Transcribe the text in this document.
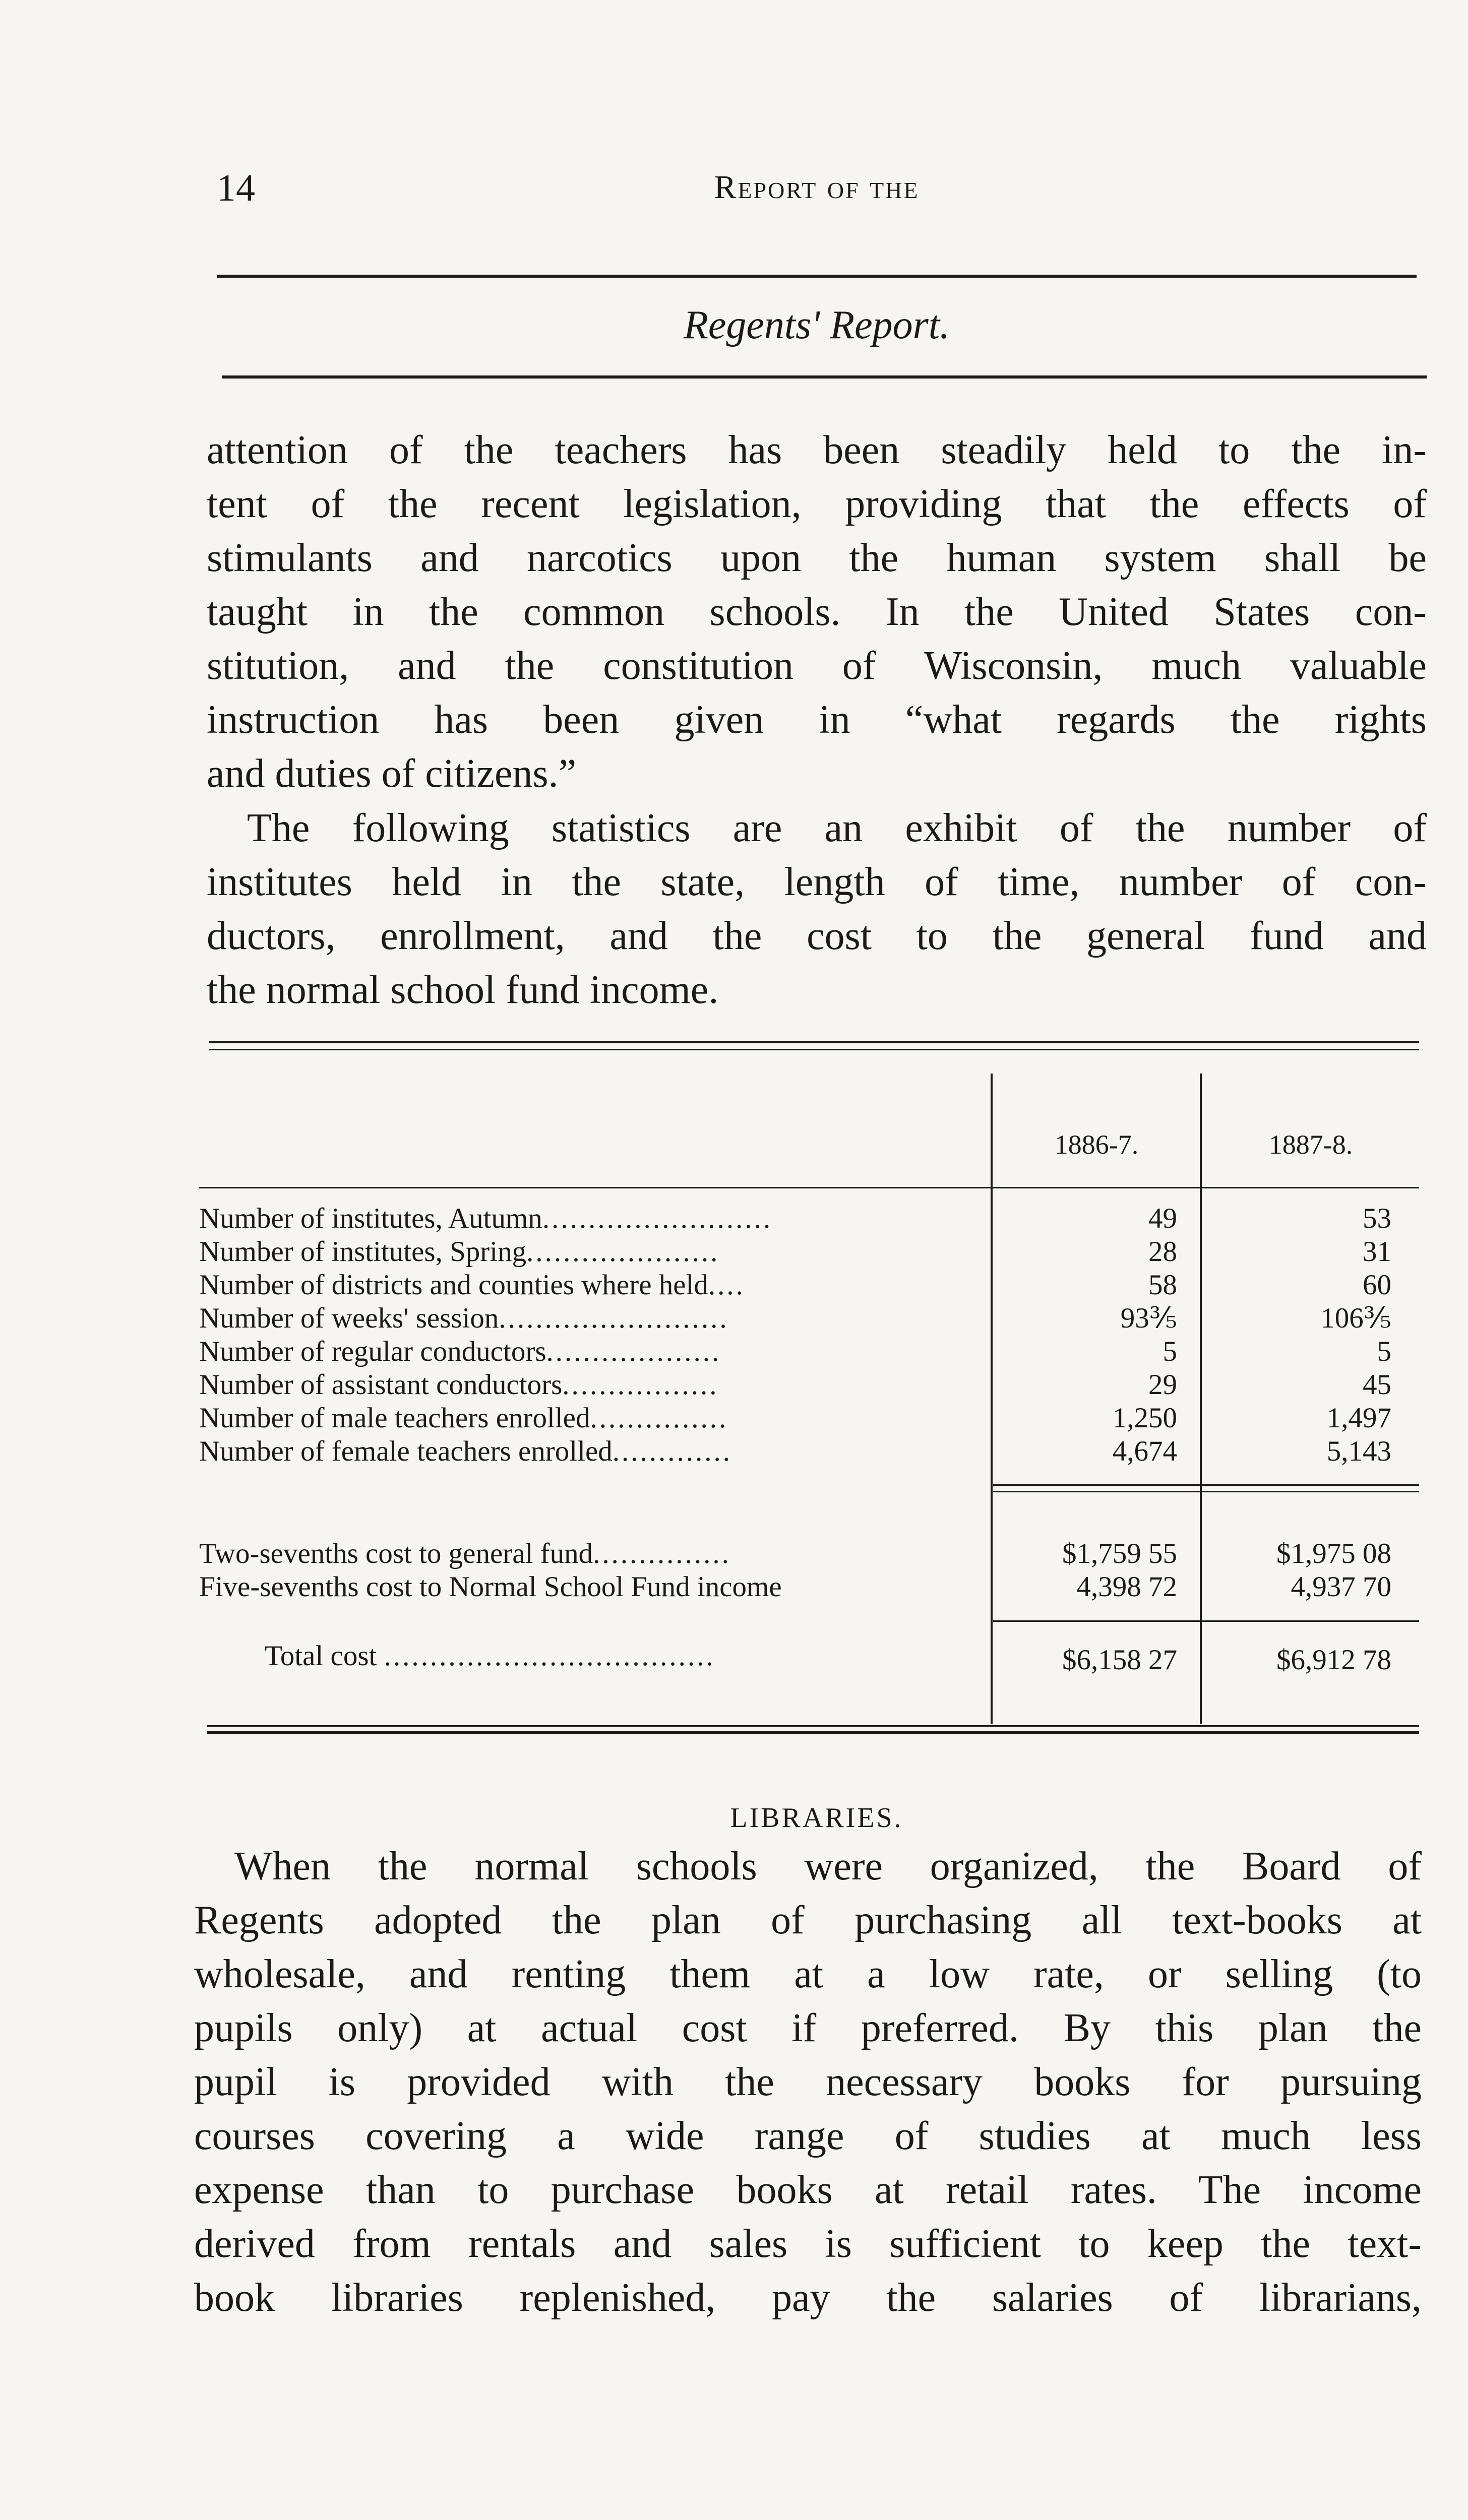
14	Report of the
Regents' Report.
attention of the teachers has been steadily held to the in-
tent of the recent legislation, providing that the effects of
stimulants and narcotics upon the human system shall be
taught in the common schools. In the United States con-
stitution, and the constitution of Wisconsin, much valuable
instruction has been given in “what regards the rights
and duties of citizens.”
The following statistics are an exhibit of the number of
institutes held in the state, length of time, number of con-
ductors, enrollment, and the cost to the general fund and
the normal school fund income.
1886-7.	1887-8.
Number of institutes, Autumn.........................	49	53
Number of institutes, Spring.....................	28	31
Number of districts and counties where held....	58	60
Number of weeks' session.........................	93⅗	106⅗
Number of regular conductors...................	5	5
Number of assistant conductors.................	29	45
Number of male teachers enrolled...............	1,250	1,497
Number of female teachers enrolled.............	4,674	5,143
Two-sevenths cost to general fund...............	$1,759 55	$1,975 08
Five-sevenths cost to Normal School Fund income	4,398 72	4,937 70
Total cost ....................................	$6,158 27	$6,912 78
LIBRARIES.
When the normal schools were organized, the Board of
Regents adopted the plan of purchasing all text-books at
wholesale, and renting them at a low rate, or selling (to
pupils only) at actual cost if preferred. By this plan the
pupil is provided with the necessary books for pursuing
courses covering a wide range of studies at much less
expense than to purchase books at retail rates. The income
derived from rentals and sales is sufficient to keep the text-
book libraries replenished, pay the salaries of librarians,
